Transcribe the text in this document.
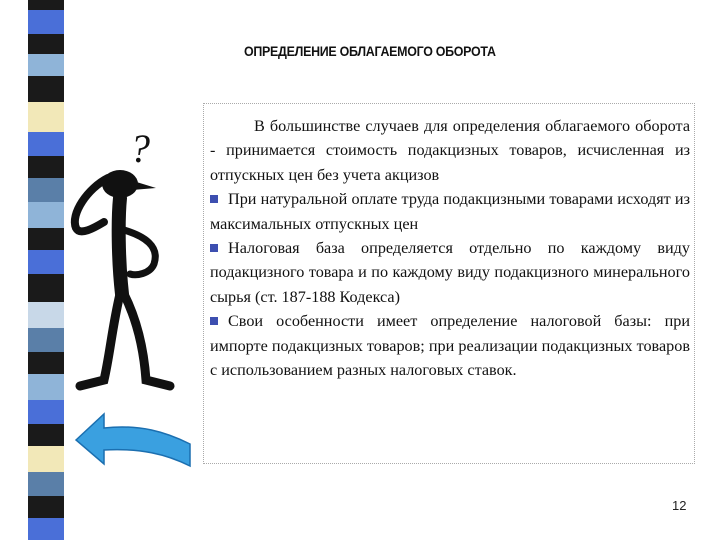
?
ОПРЕДЕЛЕНИЕ ОБЛАГАЕМОГО ОБОРОТА

В большинстве случаев для определения облагаемого оборота - принимается стоимость подакцизных товаров, исчисленная из отпускных цен без учета акцизов

При натуральной оплате труда подакцизными товарами исходят из максимальных отпускных цен

Налоговая база определяется отдельно по каждому виду подакцизного товара и по каждому виду подакцизного минерального сырья (ст. 187-188 Кодекса)

Свои особенности имеет определение налоговой базы: при импорте подакцизных товаров; при реализации подакцизных товаров с использованием разных налоговых ставок.

12
